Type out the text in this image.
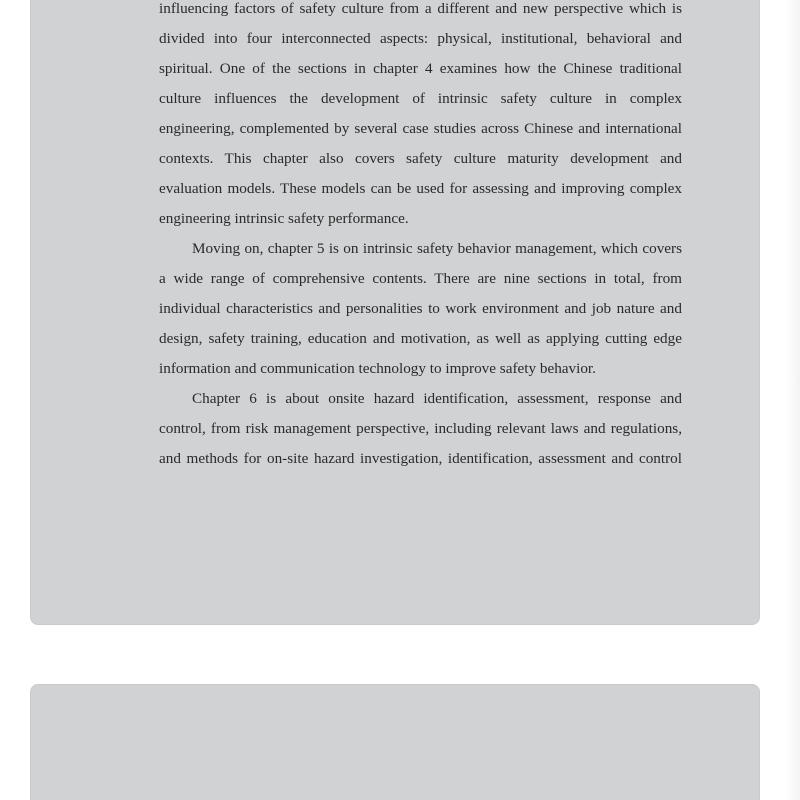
influencing factors of safety culture from a different and new perspective which is

divided into four interconnected aspects: physical, institutional, behavioral and

spiritual. One of the sections in chapter 4 examines how the Chinese traditional

culture influences the development of intrinsic safety culture in complex

engineering, complemented by several case studies across Chinese and international

contexts. This chapter also covers safety culture maturity development and

evaluation models. These models can be used for assessing and improving complex

engineering intrinsic safety performance.

Moving on, chapter 5 is on intrinsic safety behavior management, which covers

a wide range of comprehensive contents. There are nine sections in total, from

individual characteristics and personalities to work environment and job nature and

design, safety training, education and motivation, as well as applying cutting edge

information and communication technology to improve safety behavior.

Chapter 6 is about onsite hazard identification, assessment, response and

control, from risk management perspective, including relevant laws and regulations,

and methods for on-site hazard investigation, identification, assessment and control
